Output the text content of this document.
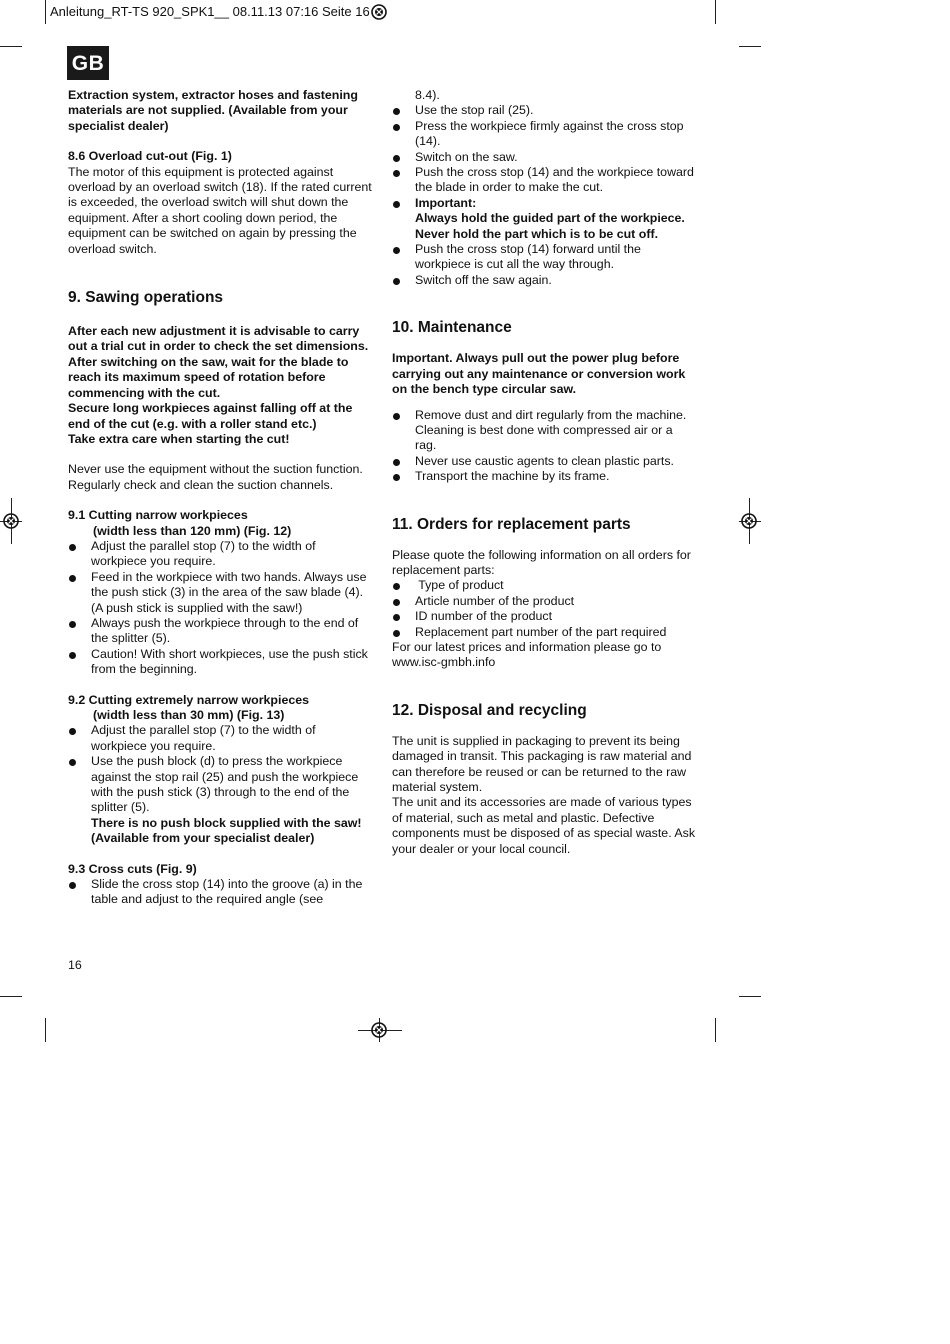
Anleitung_RT-TS 920_SPK1__ 08.11.13 07:16 Seite 16
GB

Extraction system, extractor hoses and fastening materials are not supplied. (Available from your specialist dealer)

8.6 Overload cut-out (Fig. 1)

The motor of this equipment is protected against overload by an overload switch (18). If the rated current is exceeded, the overload switch will shut down the equipment. After a short cooling down period, the equipment can be switched on again by pressing the overload switch.

9. Sawing operations

After each new adjustment it is advisable to carry out a trial cut in order to check the set dimensions.

After switching on the saw, wait for the blade to reach its maximum speed of rotation before commencing with the cut.

Secure long workpieces against falling off at the end of the cut (e.g. with a roller stand etc.)

Take extra care when starting the cut!

Never use the equipment without the suction function. Regularly check and clean the suction channels.

9.1 Cutting narrow workpieces

(width less than 120 mm) (Fig. 12)

Adjust the parallel stop (7) to the width of workpiece you require.

Feed in the workpiece with two hands. Always use the push stick (3) in the area of the saw blade (4).

(A push stick is supplied with the saw!)

Always push the workpiece through to the end of the splitter (5).

Caution! With short workpieces, use the push stick from the beginning.

9.2 Cutting extremely narrow workpieces

(width less than 30 mm) (Fig. 13)

Adjust the parallel stop (7) to the width of workpiece you require.

Use the push block (d) to press the workpiece against the stop rail (25) and push the workpiece with the push stick (3) through to the end of the splitter (5).

There is no push block supplied with the saw!

(Available from your specialist dealer)

9.3 Cross cuts (Fig. 9)

Slide the cross stop (14) into the groove (a) in the table and adjust to the required angle (see

16

8.4).

Use the stop rail (25).

Press the workpiece firmly against the cross stop (14).

Switch on the saw.

Push the cross stop (14) and the workpiece toward the blade in order to make the cut.

Important:

Always hold the guided part of the workpiece. Never hold the part which is to be cut off.

Push the cross stop (14) forward until the workpiece is cut all the way through.

Switch off the saw again.

10. Maintenance

Important. Always pull out the power plug before carrying out any maintenance or conversion work on the bench type circular saw.

Remove dust and dirt regularly from the machine. Cleaning is best done with compressed air or a rag.

Never use caustic agents to clean plastic parts.

Transport the machine by its frame.

11. Orders for replacement parts

Please quote the following information on all orders for replacement parts:

Type of product

Article number of the product

ID number of the product

Replacement part number of the part required

For our latest prices and information please go to www.isc-gmbh.info

12. Disposal and recycling

The unit is supplied in packaging to prevent its being damaged in transit. This packaging is raw material and can therefore be reused or can be returned to the raw material system.

The unit and its accessories are made of various types of material, such as metal and plastic. Defective components must be disposed of as special waste. Ask your dealer or your local council.
